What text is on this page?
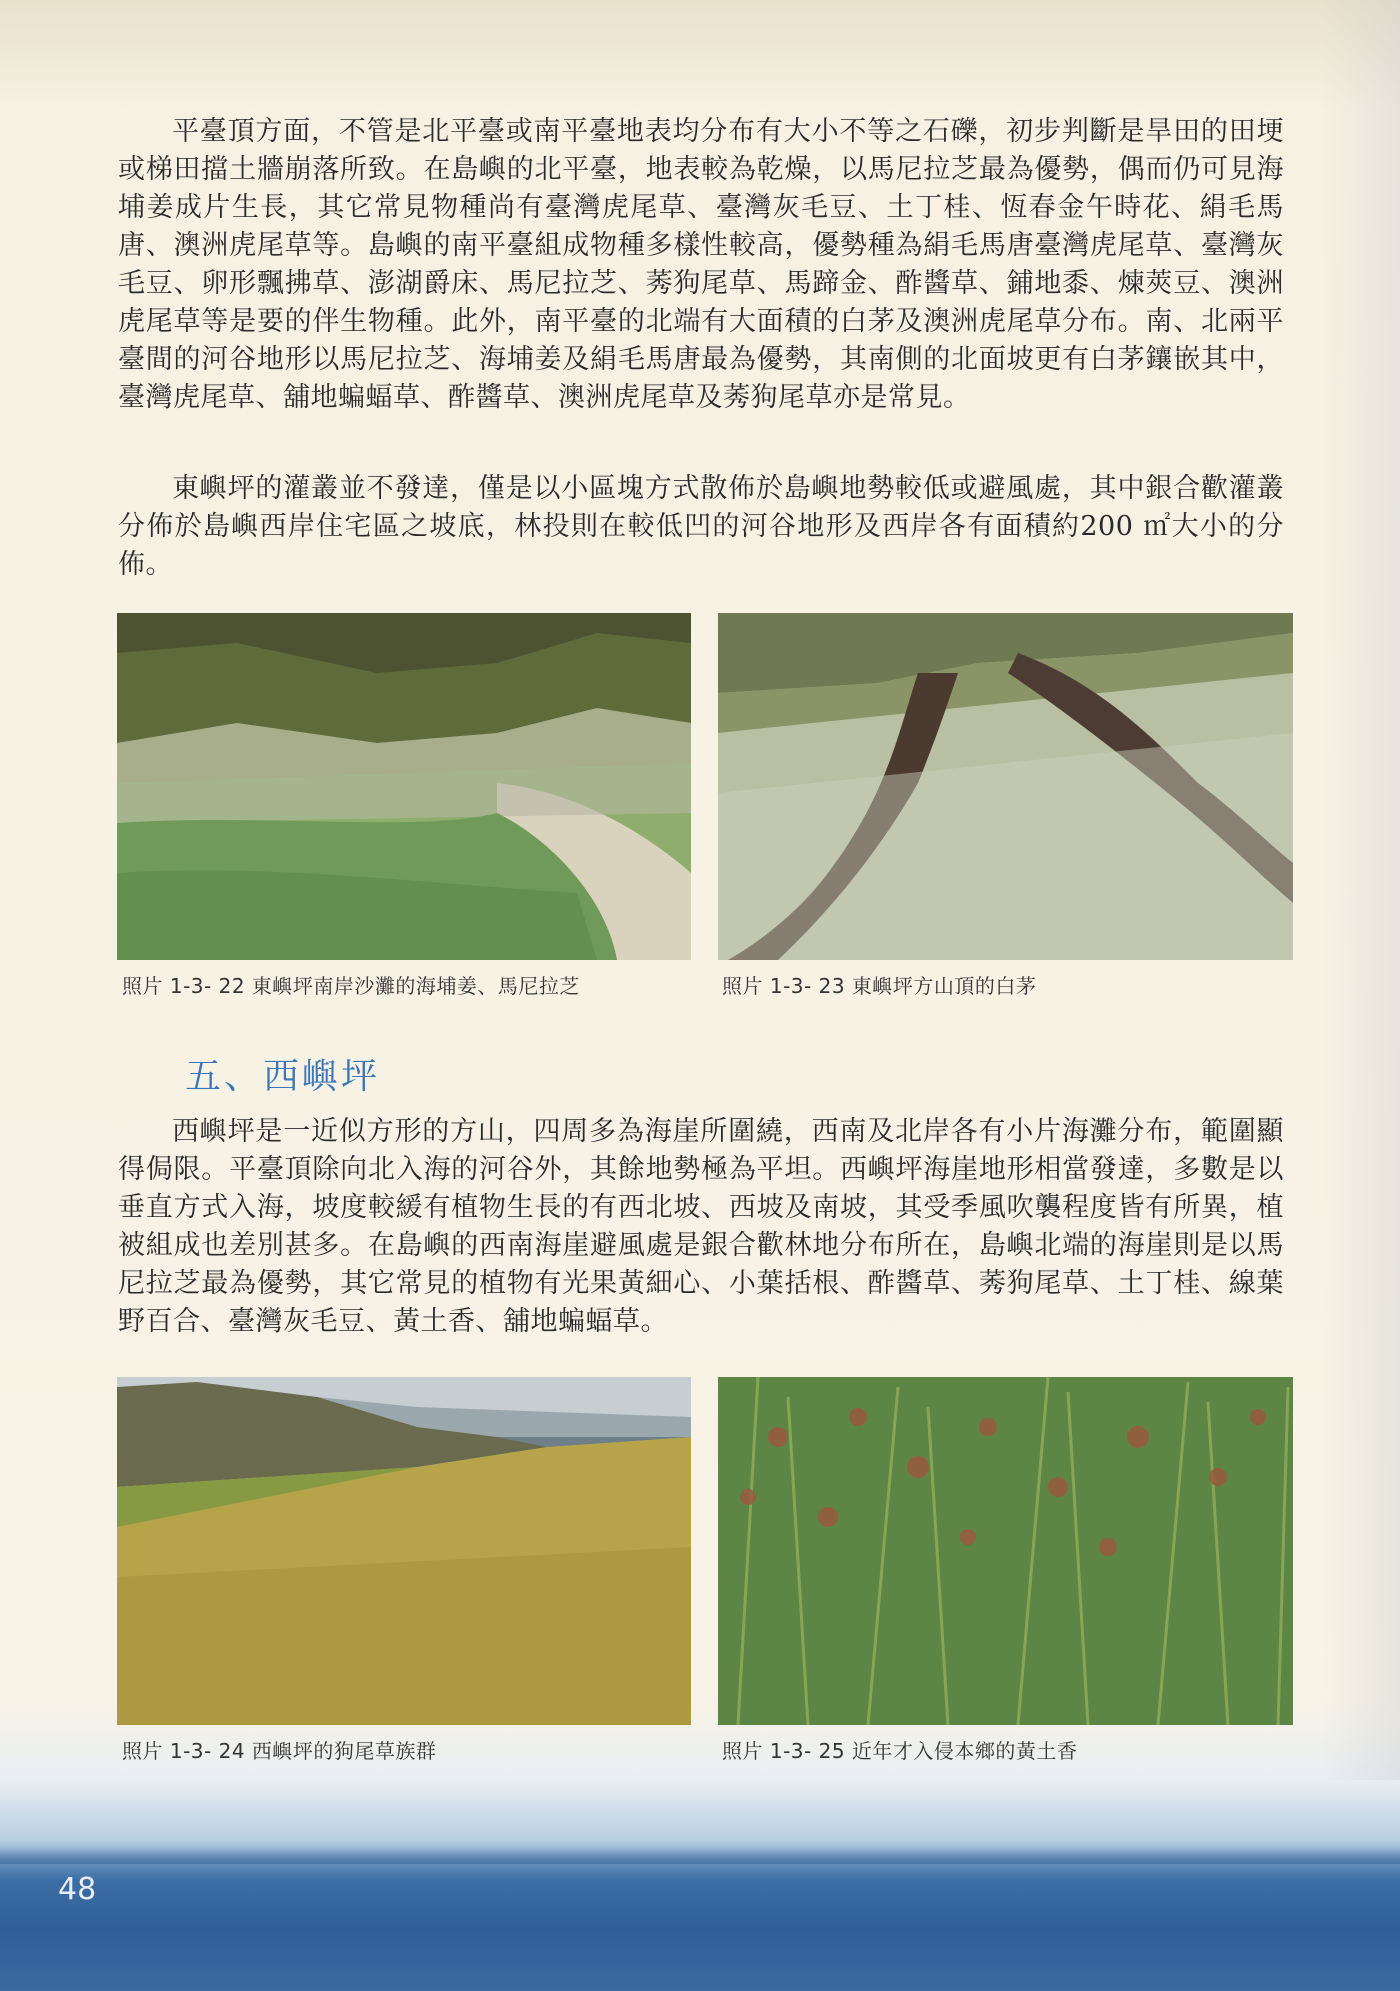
平臺頂方面，不管是北平臺或南平臺地表均分布有大小不等之石礫，初步判斷是旱田的田埂或梯田擋土牆崩落所致。在島嶼的北平臺，地表較為乾燥，以馬尼拉芝最為優勢，偶而仍可見海埔姜成片生長，其它常見物種尚有臺灣虎尾草、臺灣灰毛豆、土丁桂、恆春金午時花、絹毛馬唐、澳洲虎尾草等。島嶼的南平臺組成物種多樣性較高，優勢種為絹毛馬唐臺灣虎尾草、臺灣灰毛豆、卵形飄拂草、澎湖爵床、馬尼拉芝、莠狗尾草、馬蹄金、酢醬草、鋪地黍、煉莢豆、澳洲虎尾草等是要的伴生物種。此外，南平臺的北端有大面積的白茅及澳洲虎尾草分布。南、北兩平臺間的河谷地形以馬尼拉芝、海埔姜及絹毛馬唐最為優勢，其南側的北面坡更有白茅鑲嵌其中，臺灣虎尾草、舖地蝙蝠草、酢醬草、澳洲虎尾草及莠狗尾草亦是常見。

東嶼坪的灌叢並不發達，僅是以小區塊方式散佈於島嶼地勢較低或避風處，其中銀合歡灌叢分佈於島嶼西岸住宅區之坡底，林投則在較低凹的河谷地形及西岸各有面積約200 ㎡大小的分佈。

照片 1-3- 22 東嶼坪南岸沙灘的海埔姜、馬尼拉芝	照片 1-3- 23 東嶼坪方山頂的白茅
五、西嶼坪

西嶼坪是一近似方形的方山，四周多為海崖所圍繞，西南及北岸各有小片海灘分布，範圍顯得侷限。平臺頂除向北入海的河谷外，其餘地勢極為平坦。西嶼坪海崖地形相當發達，多數是以垂直方式入海，坡度較緩有植物生長的有西北坡、西坡及南坡，其受季風吹襲程度皆有所異，植被組成也差別甚多。在島嶼的西南海崖避風處是銀合歡林地分布所在，島嶼北端的海崖則是以馬尼拉芝最為優勢，其它常見的植物有光果黃細心、小葉括根、酢醬草、莠狗尾草、土丁桂、線葉野百合、臺灣灰毛豆、黃土香、舖地蝙蝠草。

照片 1-3- 24 西嶼坪的狗尾草族群	照片 1-3- 25 近年才入侵本鄉的黃土香
48
